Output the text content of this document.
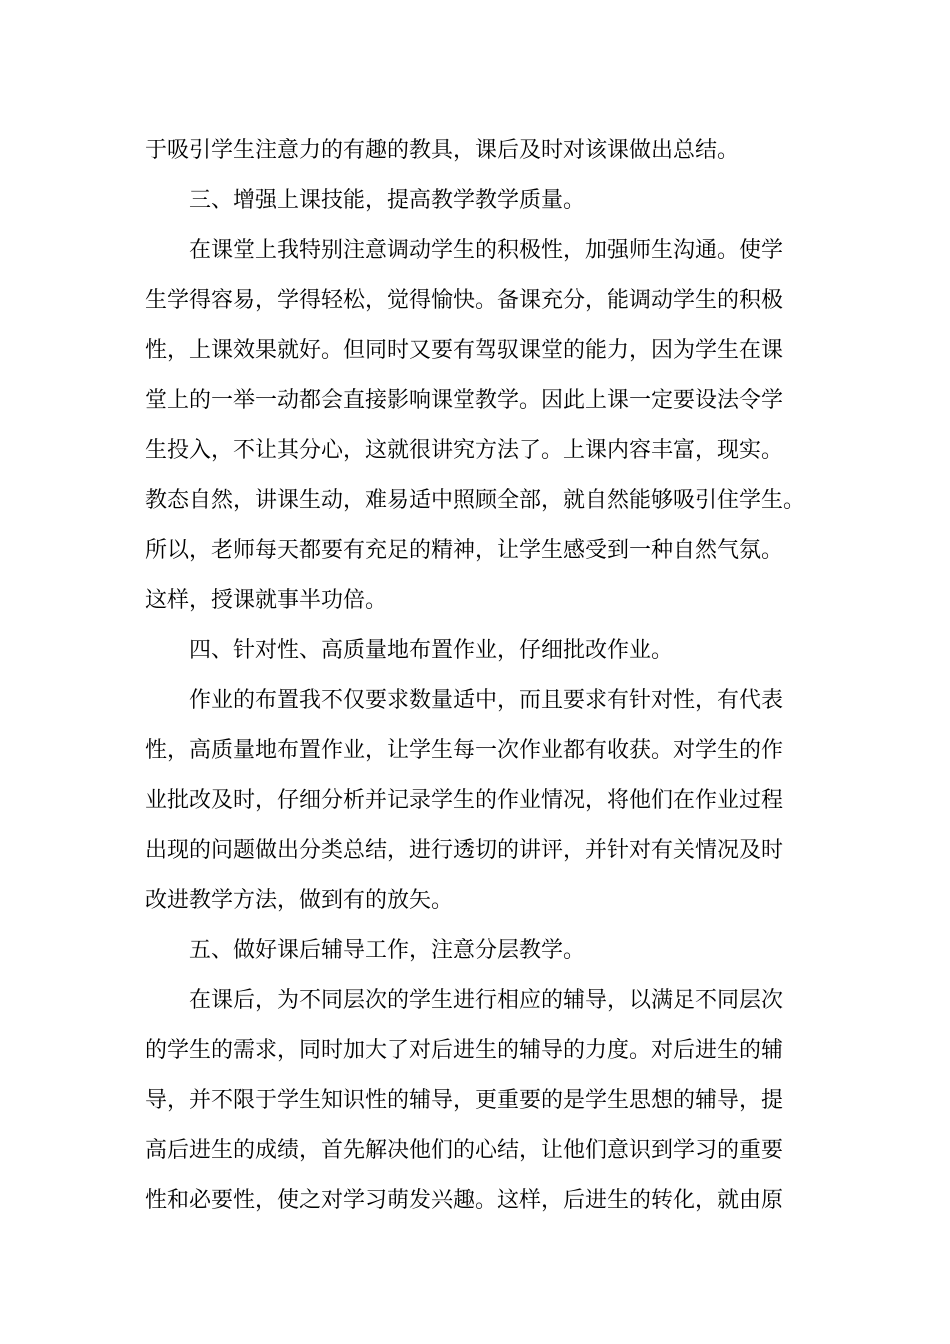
于吸引学生注意力的有趣的教具，课后及时对该课做出总结。
三、增强上课技能，提高教学教学质量。
在课堂上我特别注意调动学生的积极性，加强师生沟通。使学
生学得容易，学得轻松，觉得愉快。备课充分，能调动学生的积极
性，上课效果就好。但同时又要有驾驭课堂的能力，因为学生在课
堂上的一举一动都会直接影响课堂教学。因此上课一定要设法令学
生投入，不让其分心，这就很讲究方法了。上课内容丰富，现实。
教态自然，讲课生动，难易适中照顾全部，就自然能够吸引住学生。
所以，老师每天都要有充足的精神，让学生感受到一种自然气氛。
这样，授课就事半功倍。
四、针对性、高质量地布置作业，仔细批改作业。
作业的布置我不仅要求数量适中，而且要求有针对性，有代表
性，高质量地布置作业，让学生每一次作业都有收获。对学生的作
业批改及时，仔细分析并记录学生的作业情况，将他们在作业过程
出现的问题做出分类总结，进行透切的讲评，并针对有关情况及时
改进教学方法，做到有的放矢。
五、做好课后辅导工作，注意分层教学。
在课后，为不同层次的学生进行相应的辅导，以满足不同层次
的学生的需求，同时加大了对后进生的辅导的力度。对后进生的辅
导，并不限于学生知识性的辅导，更重要的是学生思想的辅导，提
高后进生的成绩，首先解决他们的心结，让他们意识到学习的重要
性和必要性，使之对学习萌发兴趣。这样，后进生的转化，就由原
